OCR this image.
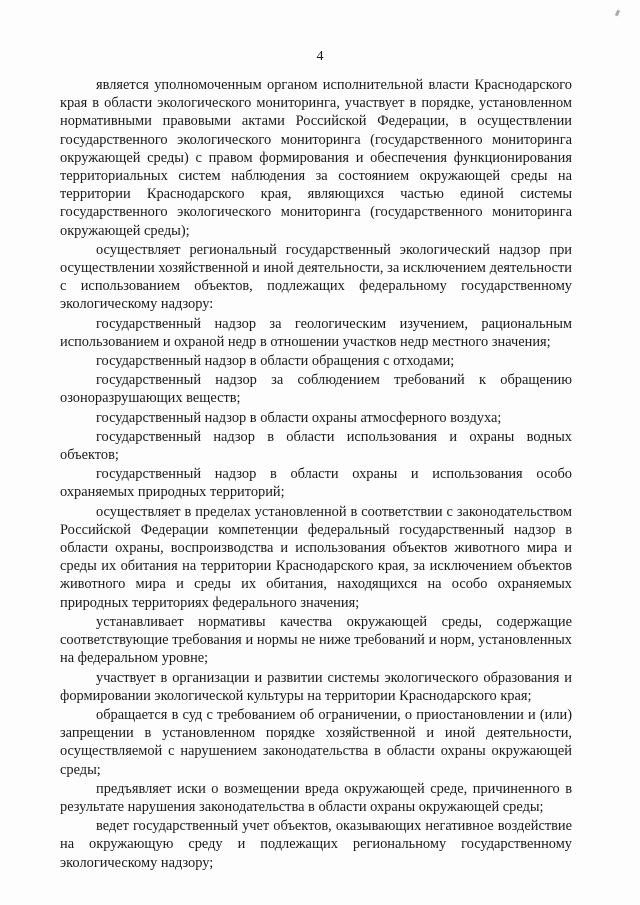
4

является уполномоченным органом исполнительной власти Краснодарского края в области экологического мониторинга, участвует в порядке, установленном нормативными правовыми актами Российской Федерации, в осуществлении государственного экологического мониторинга (государственного мониторинга окружающей среды) с правом формирования и обеспечения функционирования территориальных систем наблюдения за состоянием окружающей среды на территории Краснодарского края, являющихся частью единой системы государственного экологического мониторинга (государственного мониторинга окружающей среды);

осуществляет региональный государственный экологический надзор при осуществлении хозяйственной и иной деятельности, за исключением деятельности с использованием объектов, подлежащих федеральному государственному экологическому надзору:

государственный надзор за геологическим изучением, рациональным использованием и охраной недр в отношении участков недр местного значения;

государственный надзор в области обращения с отходами;

государственный надзор за соблюдением требований к обращению озоноразрушающих веществ;

государственный надзор в области охраны атмосферного воздуха;

государственный надзор в области использования и охраны водных объектов;

государственный надзор в области охраны и использования особо охраняемых природных территорий;

осуществляет в пределах установленной в соответствии с законодательством Российской Федерации компетенции федеральный государственный надзор в области охраны, воспроизводства и использования объектов животного мира и среды их обитания на территории Краснодарского края, за исключением объектов животного мира и среды их обитания, находящихся на особо охраняемых природных территориях федерального значения;

устанавливает нормативы качества окружающей среды, содержащие соответствующие требования и нормы не ниже требований и норм, установленных на федеральном уровне;

участвует в организации и развитии системы экологического образования и формировании экологической культуры на территории Краснодарского края;

обращается в суд с требованием об ограничении, о приостановлении и (или) запрещении в установленном порядке хозяйственной и иной деятельности, осуществляемой с нарушением законодательства в области охраны окружающей среды;

предъявляет иски о возмещении вреда окружающей среде, причиненного в результате нарушения законодательства в области охраны окружающей среды;

ведет государственный учет объектов, оказывающих негативное воздействие на окружающую среду и подлежащих региональному государственному экологическому надзору;
